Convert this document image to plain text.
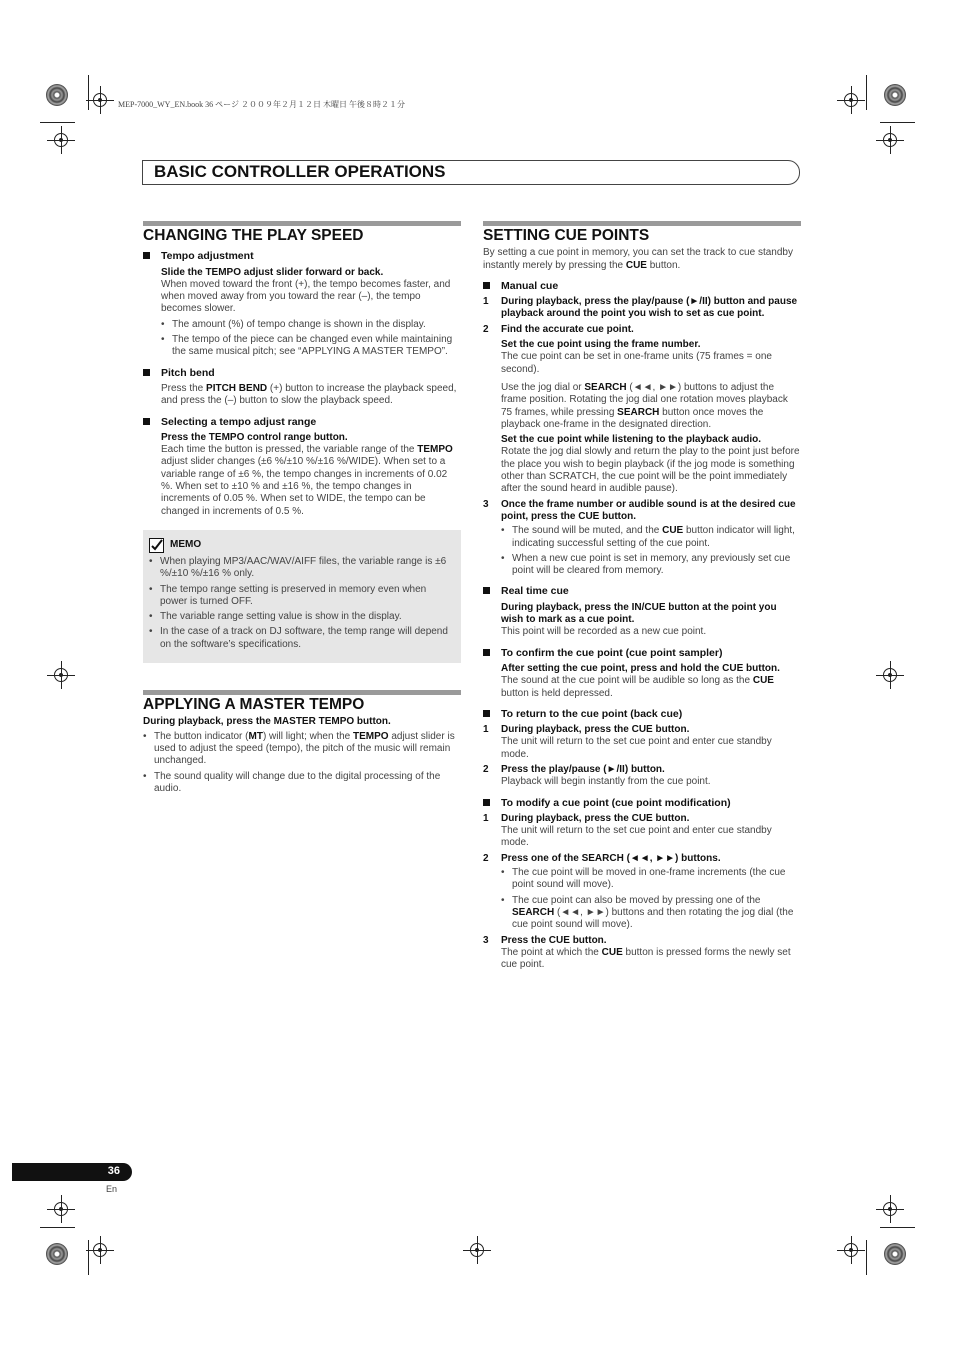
MEP-7000_WY_EN.book 36 ページ ２００９年２月１２日 木曜日 午後８時２１分
BASIC CONTROLLER OPERATIONS
CHANGING THE PLAY SPEED
Tempo adjustment
Slide the TEMPO adjust slider forward or back.
When moved toward the front (+), the tempo becomes faster, and when moved away from you toward the rear (–), the tempo becomes slower.
• The amount (%) of tempo change is shown in the display.
• The tempo of the piece can be changed even while maintaining the same musical pitch; see “APPLYING A MASTER TEMPO”.
Pitch bend
Press the PITCH BEND (+) button to increase the playback speed, and press the (–) button to slow the playback speed.
Selecting a tempo adjust range
Press the TEMPO control range button.
Each time the button is pressed, the variable range of the TEMPO adjust slider changes (±6 %/±10 %/±16 %/WIDE). When set to a variable range of ±6 %, the tempo changes in increments of 0.02 %. When set to ±10 % and ±16 %, the tempo changes in increments of 0.05 %. When set to WIDE, the tempo can be changed in increments of 0.5 %.
MEMO
• When playing MP3/AAC/WAV/AIFF files, the variable range is ±6 %/±10 %/±16 % only.
• The tempo range setting is preserved in memory even when power is turned OFF.
• The variable range setting value is show in the display.
• In the case of a track on DJ software, the temp range will depend on the software’s specifications.
APPLYING A MASTER TEMPO
During playback, press the MASTER TEMPO button.
• The button indicator (MT) will light; when the TEMPO adjust slider is used to adjust the speed (tempo), the pitch of the music will remain unchanged.
• The sound quality will change due to the digital processing of the audio.
SETTING CUE POINTS
By setting a cue point in memory, you can set the track to cue standby instantly merely by pressing the CUE button.
Manual cue
1 During playback, press the play/pause (►/II) button and pause playback around the point you wish to set as cue point.
2 Find the accurate cue point.
Set the cue point using the frame number.
The cue point can be set in one-frame units (75 frames = one second).
Use the jog dial or SEARCH (◄◄, ►►) buttons to adjust the frame position. Rotating the jog dial one rotation moves playback 75 frames, while pressing SEARCH button once moves the playback one-frame in the designated direction.
Set the cue point while listening to the playback audio.
Rotate the jog dial slowly and return the play to the point just before the place you wish to begin playback (if the jog mode is something other than SCRATCH, the cue point will be the point immediately after the sound heard in audible pause).
3 Once the frame number or audible sound is at the desired cue point, press the CUE button.
• The sound will be muted, and the CUE button indicator will light, indicating successful setting of the cue point.
• When a new cue point is set in memory, any previously set cue point will be cleared from memory.
Real time cue
During playback, press the IN/CUE button at the point you wish to mark as a cue point.
This point will be recorded as a new cue point.
To confirm the cue point (cue point sampler)
After setting the cue point, press and hold the CUE button.
The sound at the cue point will be audible so long as the CUE button is held depressed.
To return to the cue point (back cue)
1 During playback, press the CUE button.
The unit will return to the set cue point and enter cue standby mode.
2 Press the play/pause (►/II) button.
Playback will begin instantly from the cue point.
To modify a cue point (cue point modification)
1 During playback, press the CUE button.
The unit will return to the set cue point and enter cue standby mode.
2 Press one of the SEARCH (◄◄, ►►) buttons.
• The cue point will be moved in one-frame increments (the cue point sound will move).
• The cue point can also be moved by pressing one of the SEARCH (◄◄, ►►) buttons and then rotating the jog dial (the cue point sound will move).
3 Press the CUE button.
The point at which the CUE button is pressed forms the newly set cue point.
36
En
